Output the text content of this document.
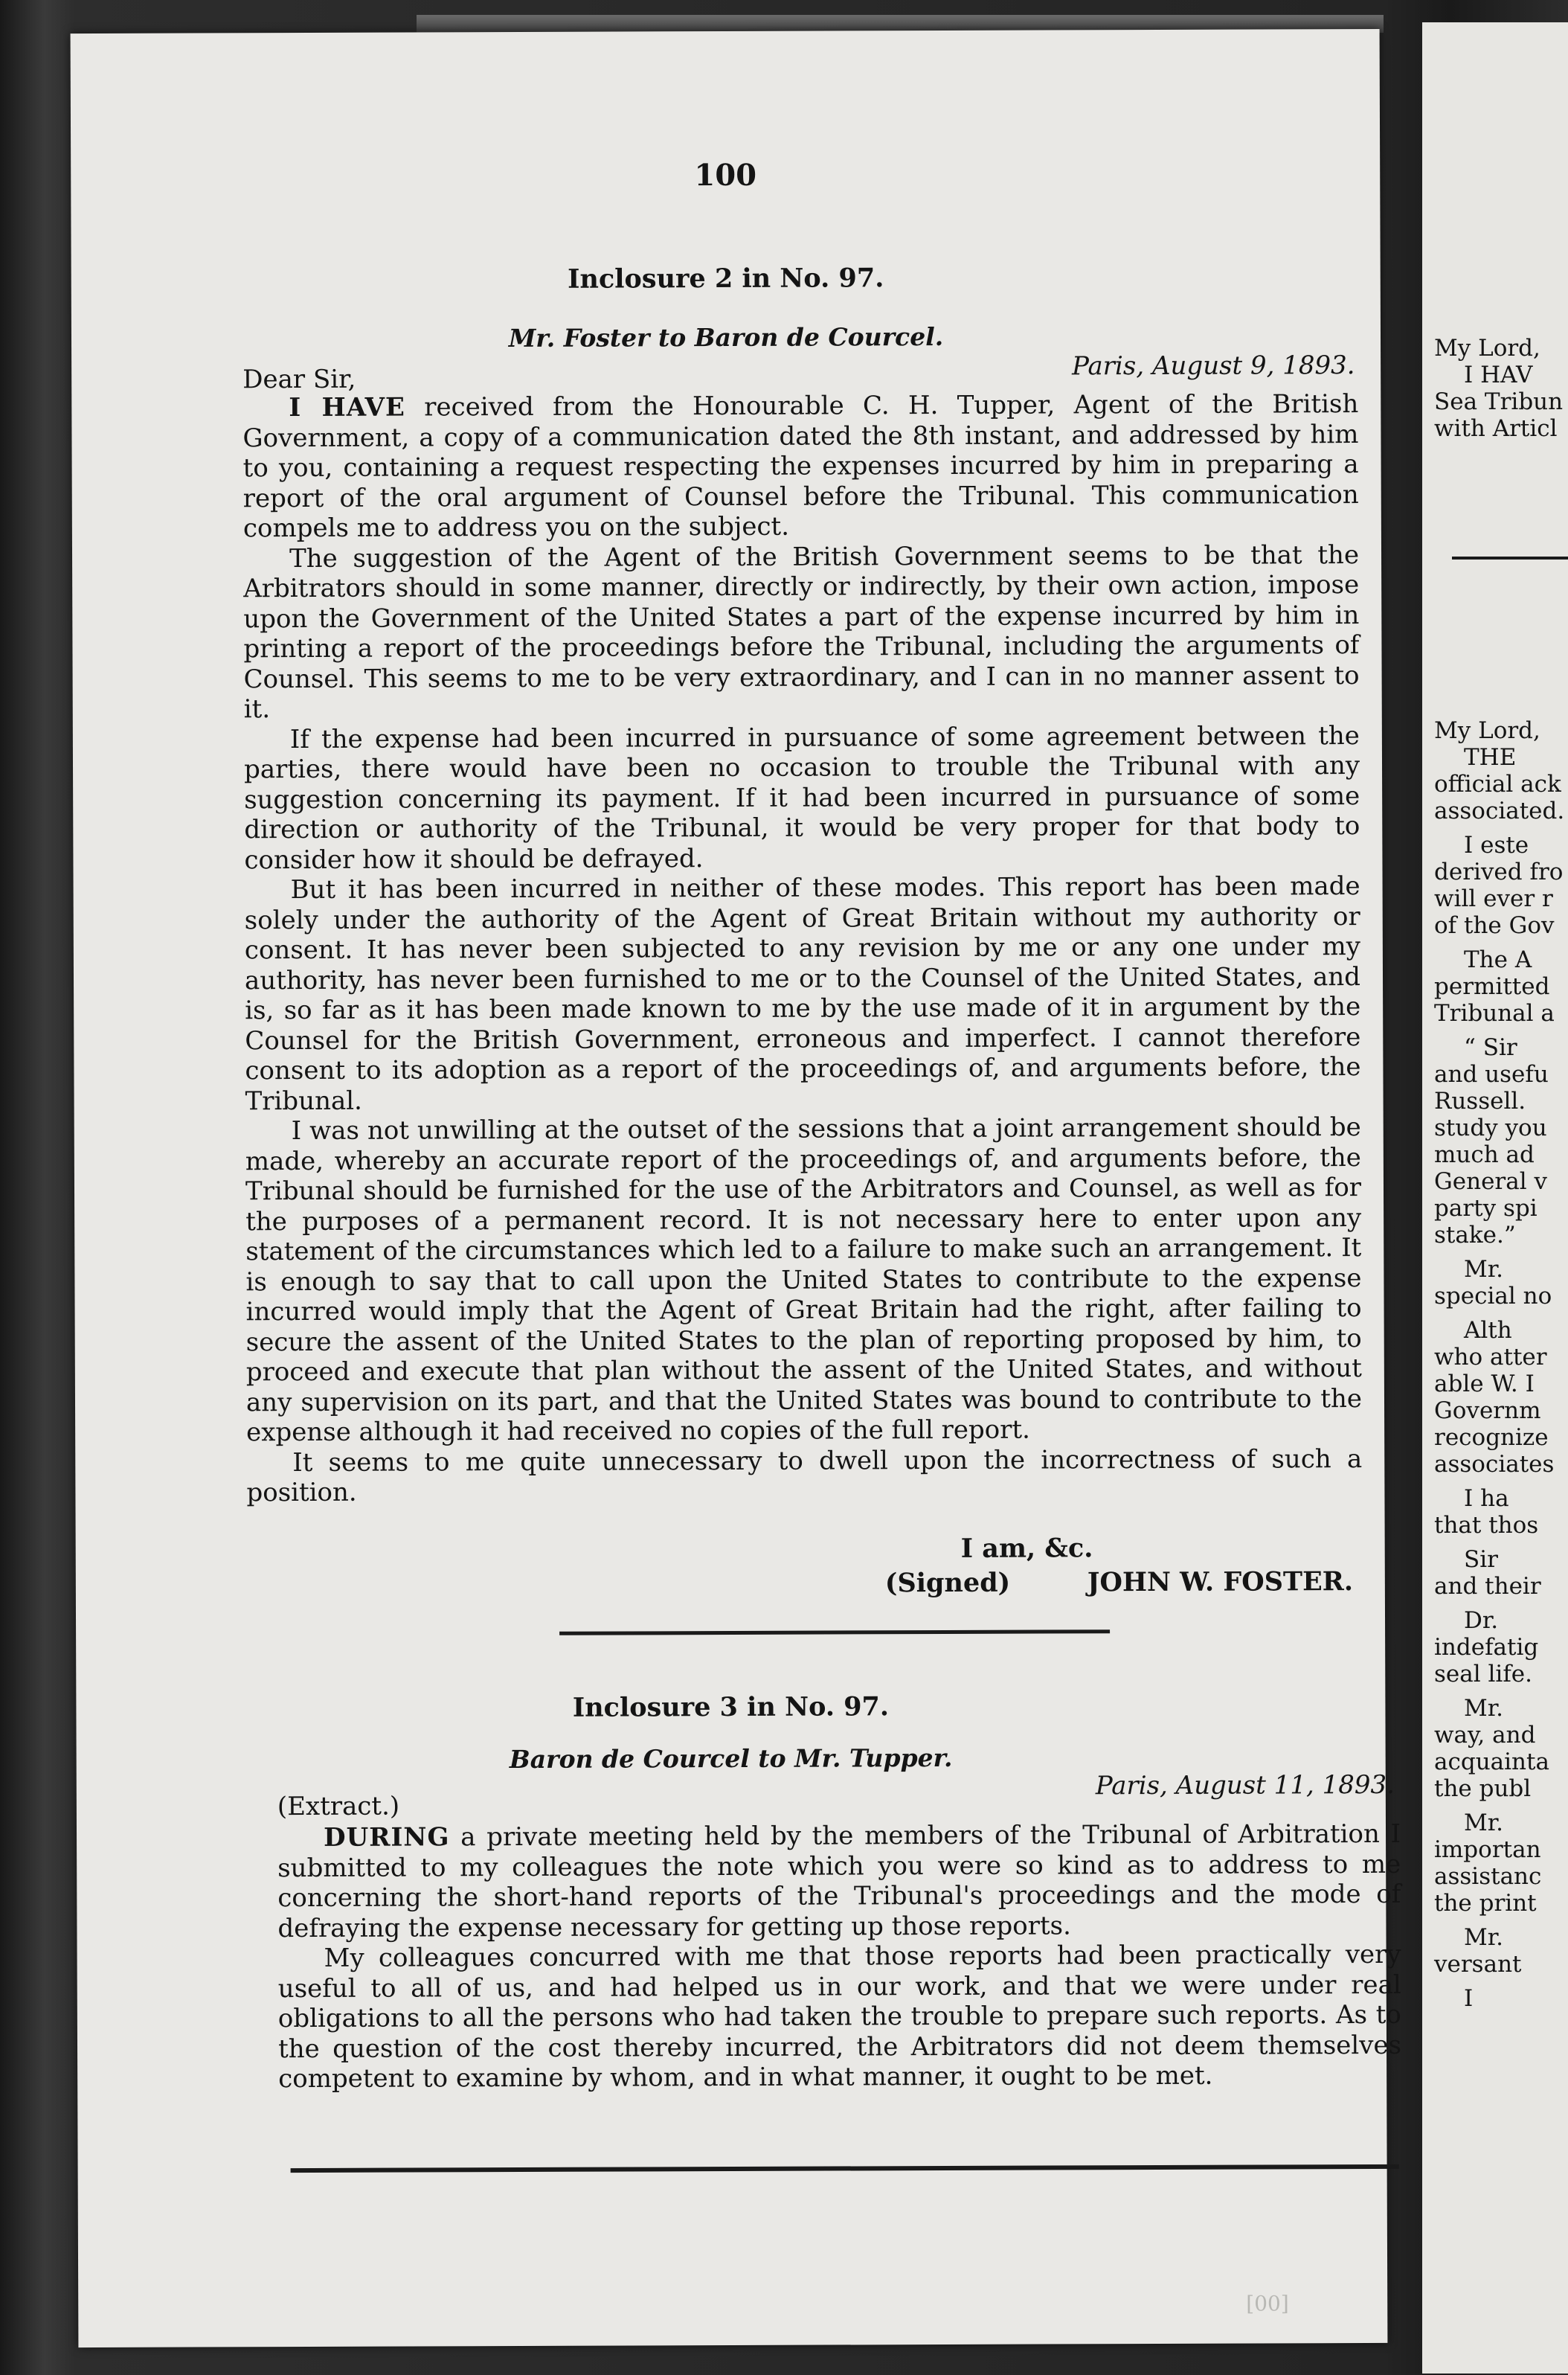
100
Inclosure 2 in No. 97.
Mr. Foster to Baron de Courcel.
Dear Sir,	Paris, August 9, 1893.

I HAVE received from the Honourable C. H. Tupper, Agent of the British Government, a copy of a communication dated the 8th instant, and addressed by him to you, containing a request respecting the expenses incurred by him in preparing a report of the oral argument of Counsel before the Tribunal. This communication compels me to address you on the subject.

The suggestion of the Agent of the British Government seems to be that the Arbitrators should in some manner, directly or indirectly, by their own action, impose upon the Government of the United States a part of the expense incurred by him in printing a report of the proceedings before the Tribunal, including the arguments of Counsel. This seems to me to be very extraordinary, and I can in no manner assent to it.

If the expense had been incurred in pursuance of some agreement between the parties, there would have been no occasion to trouble the Tribunal with any suggestion concerning its payment. If it had been incurred in pursuance of some direction or authority of the Tribunal, it would be very proper for that body to consider how it should be defrayed.

But it has been incurred in neither of these modes. This report has been made solely under the authority of the Agent of Great Britain without my authority or consent. It has never been subjected to any revision by me or any one under my authority, has never been furnished to me or to the Counsel of the United States, and is, so far as it has been made known to me by the use made of it in argument by the Counsel for the British Government, erroneous and imperfect. I cannot therefore consent to its adoption as a report of the proceedings of, and arguments before, the Tribunal.

I was not unwilling at the outset of the sessions that a joint arrangement should be made, whereby an accurate report of the proceedings of, and arguments before, the Tribunal should be furnished for the use of the Arbitrators and Counsel, as well as for the purposes of a permanent record. It is not necessary here to enter upon any statement of the circumstances which led to a failure to make such an arrangement. It is enough to say that to call upon the United States to contribute to the expense incurred would imply that the Agent of Great Britain had the right, after failing to secure the assent of the United States to the plan of reporting proposed by him, to proceed and execute that plan without the assent of the United States, and without any supervision on its part, and that the United States was bound to contribute to the expense although it had received no copies of the full report.

It seems to me quite unnecessary to dwell upon the incorrectness of such a position.

I am, &c.
(Signed)	JOHN W. FOSTER.
Inclosure 3 in No. 97.
Baron de Courcel to Mr. Tupper.
Paris, August 11, 1893.
(Extract.)

DURING a private meeting held by the members of the Tribunal of Arbitration I submitted to my colleagues the note which you were so kind as to address to me concerning the short-hand reports of the Tribunal's proceedings and the mode of defraying the expense necessary for getting up those reports.

My colleagues concurred with me that those reports had been practically very useful to all of us, and had helped us in our work, and that we were under real obligations to all the persons who had taken the trouble to prepare such reports. As to the question of the cost thereby incurred, the Arbitrators did not deem themselves competent to examine by whom, and in what manner, it ought to be met.

[00]
My Lord,
I HAV
Sea Tribun
with Articl
My Lord,
THE
official ack
associated.
I este
derived fro
will ever r
of the Gov
The A
permitted
Tribunal a
“ Sir
and usefu
Russell.
study you
much ad
General v
party spi
stake.”
Mr.
special no
Alth
who atter
able W. I
Governm
recognize
associates
I ha
that thos
Sir
and their
Dr.
indefatig
seal life.
Mr.
way, and
acquainta
the publ
Mr.
importan
assistanc
the print
Mr.
versant
I
